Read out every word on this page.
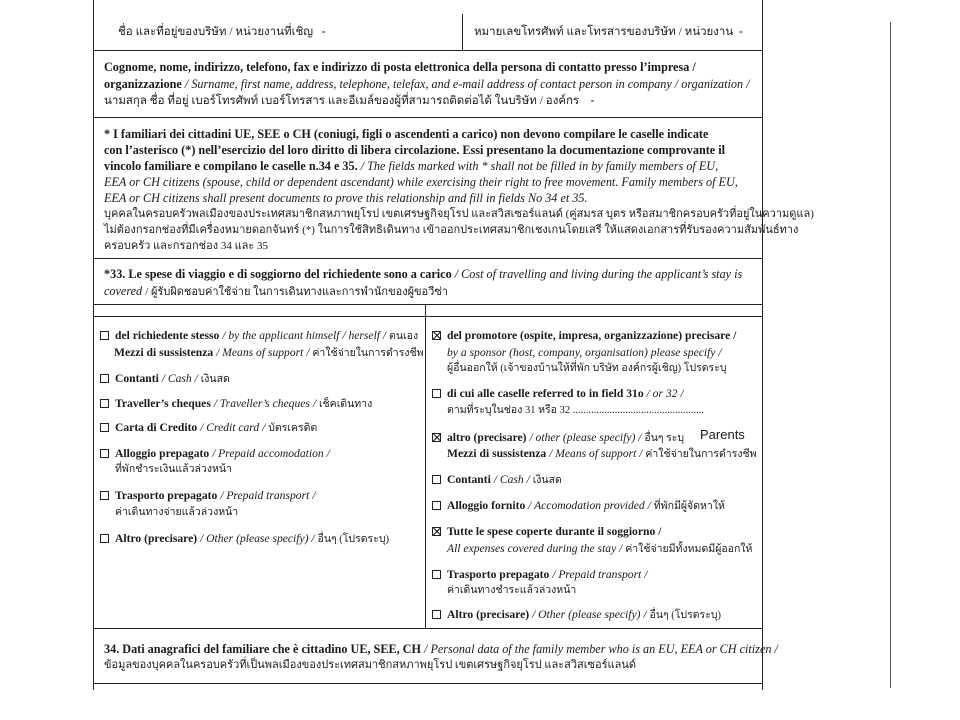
ชื่อ และที่อยู่ของบริษัท / หน่วยงานที่เชิญ -	หมายเลขโทรศัพท์ และโทรสารของบริษัท / หน่วยงาน -
Cognome, nome, indirizzo, telefono, fax e indirizzo di posta elettronica della persona di contatto presso l’impresa /
organizzazione / Surname, first name, address, telephone, telefax, and e-mail address of contact person in company / organization /
นามสกุล ชื่อ ที่อยู่ เบอร์โทรศัพท์ เบอร์โทรสาร และอีเมล์ของผู้ที่สามารถติดต่อได้ ในบริษัท / องค์กร -
* I familiari dei cittadini UE, SEE o CH (coniugi, figli o ascendenti a carico) non devono compilare le caselle indicate
con l’asterisco (*) nell’esercizio del loro diritto di libera circolazione. Essi presentano la documentazione comprovante il
vincolo familiare e compilano le caselle n.34 e 35. / The fields marked with * shall not be filled in by family members of EU,
EEA or CH citizens (spouse, child or dependent ascendant) while exercising their right to free movement. Family members of EU,
EEA or CH citizens shall present documents to prove this relationship and fill in fields No 34 et 35.
บุคคลในครอบครัวพลเมืองของประเทศสมาชิกสหภาพยุโรป เขตเศรษฐกิจยุโรป และสวิสเซอร์แลนด์ (คู่สมรส บุตร หรือสมาชิกครอบครัวที่อยู่ในความดูแล)
ไม่ต้องกรอกช่องที่มีเครื่องหมายดอกจันทร์ (*) ในการใช้สิทธิเดินทาง เข้าออกประเทศสมาชิกเชงเกนโดยเสรี ให้แสดงเอกสารที่รับรองความสัมพันธ์ทาง
ครอบครัว และกรอกช่อง 34 และ 35
*33. Le spese di viaggio e di soggiorno del richiedente sono a carico / Cost of travelling and living during the applicant’s stay is
covered / ผู้รับผิดชอบค่าใช้จ่าย ในการเดินทางและการพำนักของผู้ขอวีซ่า
del richiedente stesso / by the applicant himself / herself / ตนเอง
Mezzi di sussistenza / Means of support / ค่าใช้จ่ายในการดำรงชีพ
Contanti / Cash / เงินสด
Traveller’s cheques / Traveller’s cheques / เช็คเดินทาง
Carta di Credito / Credit card / บัตรเครดิต
Alloggio prepagato / Prepaid accomodation /
ที่พักชำระเงินแล้วล่วงหน้า
Trasporto prepagato / Prepaid transport /
ค่าเดินทางจ่ายแล้วล่วงหน้า
Altro (precisare) / Other (please specify) / อื่นๆ (โปรดระบุ)
del promotore (ospite, impresa, organizzazione) precisare /
by a sponsor (host, company, organisation) please specify /
ผู้อื่นออกให้ (เจ้าของบ้านให้ที่พัก บริษัท องค์กรผู้เชิญ) โปรดระบุ
di cui alle caselle referred to in field 31o / or 32 /
ตามที่ระบุในช่อง 31 หรือ 32 ..................................................
altro (precisare) / other (please specify) / อื่นๆ ระบุ Parents
Mezzi di sussistenza / Means of support / ค่าใช้จ่ายในการดำรงชีพ
Contanti / Cash / เงินสด
Alloggio fornito / Accomodation provided / ที่พักมีผู้จัดหาให้
Tutte le spese coperte durante il soggiorno /
All expenses covered during the stay / ค่าใช้จ่ายมีทั้งหมดมีผู้ออกให้
Trasporto prepagato / Prepaid transport /
ค่าเดินทางชำระแล้วล่วงหน้า
Altro (precisare) / Other (please specify) / อื่นๆ (โปรดระบุ)
34. Dati anagrafici del familiare che è cittadino UE, SEE, CH / Personal data of the family member who is an EU, EEA or CH citizen /
ข้อมูลของบุคคลในครอบครัวที่เป็นพลเมืองของประเทศสมาชิกสหภาพยุโรป เขตเศรษฐกิจยุโรป และสวิสเซอร์แลนด์
